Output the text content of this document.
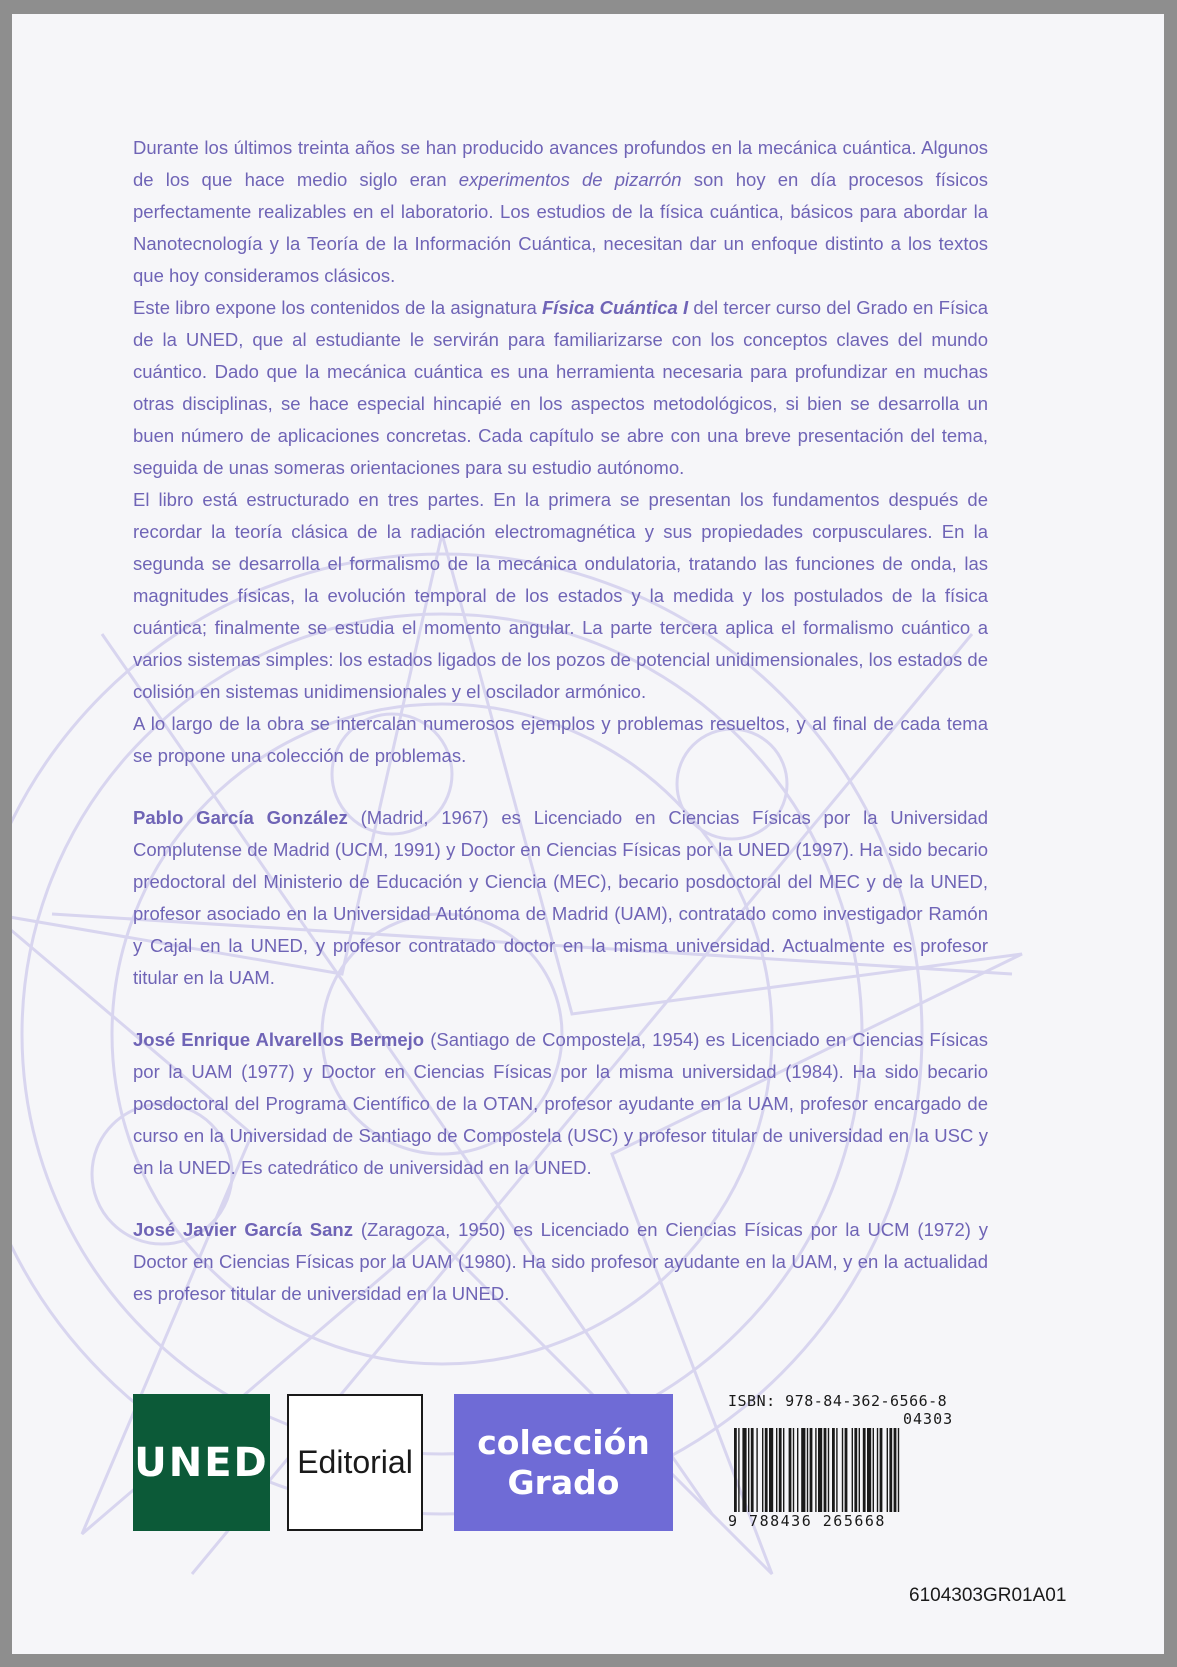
Durante los últimos treinta años se han producido avances profundos en la mecánica cuántica. Algunos de los que hace medio siglo eran experimentos de pizarrón son hoy en día procesos físicos perfectamente realizables en el laboratorio. Los estudios de la física cuántica, básicos para abordar la Nanotecnología y la Teoría de la Información Cuántica, necesitan dar un enfoque distinto a los textos que hoy consideramos clásicos.

Este libro expone los contenidos de la asignatura Física Cuántica I del tercer curso del Grado en Física de la UNED, que al estudiante le servirán para familiarizarse con los conceptos claves del mundo cuántico. Dado que la mecánica cuántica es una herramienta necesaria para profundizar en muchas otras disciplinas, se hace especial hincapié en los aspectos metodológicos, si bien se desarrolla un buen número de aplicaciones concretas. Cada capítulo se abre con una breve presentación del tema, seguida de unas someras orientaciones para su estudio autónomo.

El libro está estructurado en tres partes. En la primera se presentan los fundamentos después de recordar la teoría clásica de la radiación electromagnética y sus propiedades corpusculares. En la segunda se desarrolla el formalismo de la mecánica ondulatoria, tratando las funciones de onda, las magnitudes físicas, la evolución temporal de los estados y la medida y los postulados de la física cuántica; finalmente se estudia el momento angular. La parte tercera aplica el formalismo cuántico a varios sistemas simples: los estados ligados de los pozos de potencial unidimensionales, los estados de colisión en sistemas unidimensionales y el oscilador armónico.

A lo largo de la obra se intercalan numerosos ejemplos y problemas resueltos, y al final de cada tema se propone una colección de problemas.

Pablo García González (Madrid, 1967) es Licenciado en Ciencias Físicas por la Universidad Complutense de Madrid (UCM, 1991) y Doctor en Ciencias Físicas por la UNED (1997). Ha sido becario predoctoral del Ministerio de Educación y Ciencia (MEC), becario posdoctoral del MEC y de la UNED, profesor asociado en la Universidad Autónoma de Madrid (UAM), contratado como investigador Ramón y Cajal en la UNED, y profesor contratado doctor en la misma universidad. Actualmente es profesor titular en la UAM.

José Enrique Alvarellos Bermejo (Santiago de Compostela, 1954) es Licenciado en Ciencias Físicas por la UAM (1977) y Doctor en Ciencias Físicas por la misma universidad (1984). Ha sido becario posdoctoral del Programa Científico de la OTAN, profesor ayudante en la UAM, profesor encargado de curso en la Universidad de Santiago de Compostela (USC) y profesor titular de universidad en la USC y en la UNED. Es catedrático de universidad en la UNED.

José Javier García Sanz (Zaragoza, 1950) es Licenciado en Ciencias Físicas por la UCM (1972) y Doctor en Ciencias Físicas por la UAM (1980). Ha sido profesor ayudante en la UAM, y en la actualidad es profesor titular de universidad en la UNED.

UNED Editorial
colección
Grado
ISBN: 978-84-362-6566-8
04303
9 788436 265668
6104303GR01A01
